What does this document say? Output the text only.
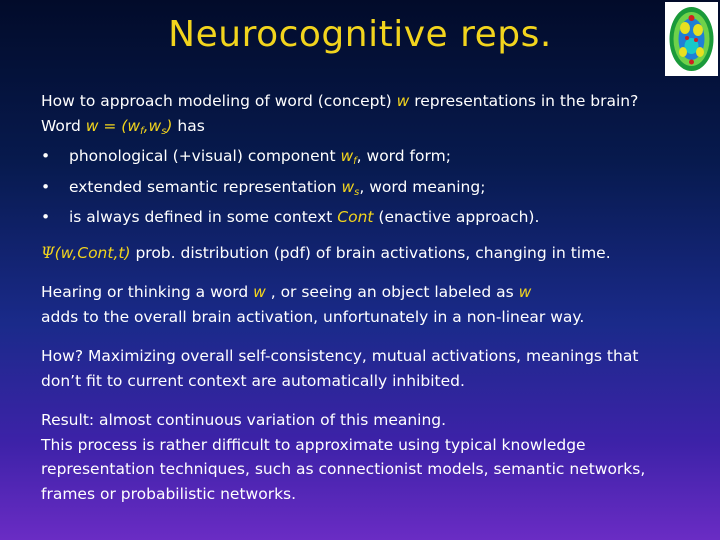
Neurocognitive reps.

How to approach modeling of word (concept) w representations in the brain?

Word $w = (w_f,w_s)$ has

•	phonological (+visual) component $w_f$, word form;
•	extended semantic representation $w_s$, word meaning;
•	is always defined in some context Cont (enactive approach).

Ψ(w,Cont,t) prob. distribution (pdf) of brain activations, changing in time.

Hearing or thinking a word w , or seeing an object labeled as w

adds to the overall brain activation, unfortunately in a non-linear way.

How? Maximizing overall self-consistency, mutual activations, meanings that

don’t fit to current context are automatically inhibited.

Result: almost continuous variation of this meaning.

This process is rather difficult to approximate using typical knowledge

representation techniques, such as connectionist models, semantic networks,

frames or probabilistic networks.
